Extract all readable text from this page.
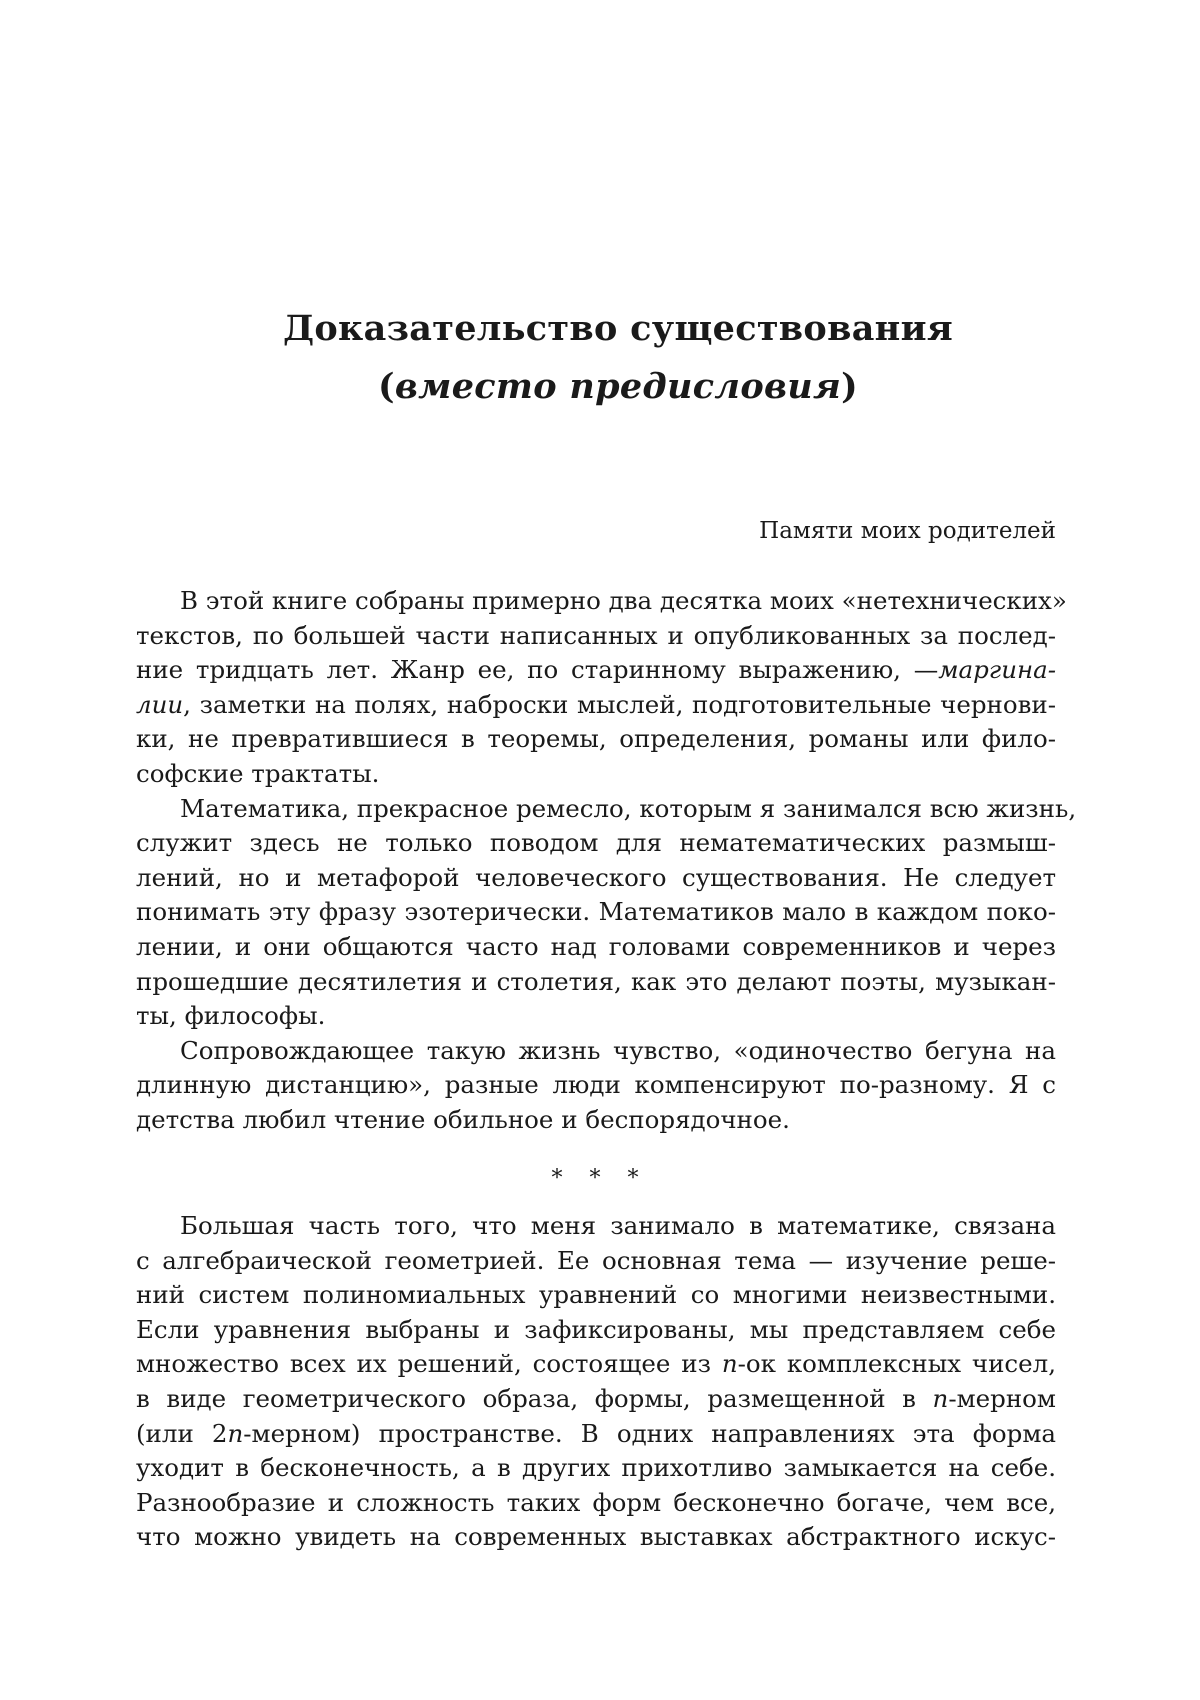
Доказательство существования
(вместо предисловия)
Памяти моих родителей
В этой книге собраны примерно два десятка моих «нетехнических»
текстов, по большей части написанных и опубликованных за послед-
ние тридцать лет. Жанр ее, по старинному выражению, —маргина-
лии, заметки на полях, наброски мыслей, подготовительные чернови-
ки, не превратившиеся в теоремы, определения, романы или фило-
софские трактаты.
Математика, прекрасное ремесло, которым я занимался всю жизнь,
служит здесь не только поводом для нематематических размыш-
лений, но и метафорой человеческого существования. Не следует
понимать эту фразу эзотерически. Математиков мало в каждом поко-
лении, и они общаются часто над головами современников и через
прошедшие десятилетия и столетия, как это делают поэты, музыкан-
ты, философы.
Сопровождающее такую жизнь чувство, «одиночество бегуна на
длинную дистанцию», разные люди компенсируют по-разному. Я с
детства любил чтение обильное и беспорядочное.
* * *
Большая часть того, что меня занимало в математике, связана
с алгебраической геометрией. Ее основная тема — изучение реше-
ний систем полиномиальных уравнений со многими неизвестными.
Если уравнения выбраны и зафиксированы, мы представляем себе
множество всех их решений, состоящее из n-ок комплексных чисел,
в виде геометрического образа, формы, размещенной в n-мерном
(или 2n-мерном) пространстве. В одних направлениях эта форма
уходит в бесконечность, а в других прихотливо замыкается на себе.
Разнообразие и сложность таких форм бесконечно богаче, чем все,
что можно увидеть на современных выставках абстрактного искус-
